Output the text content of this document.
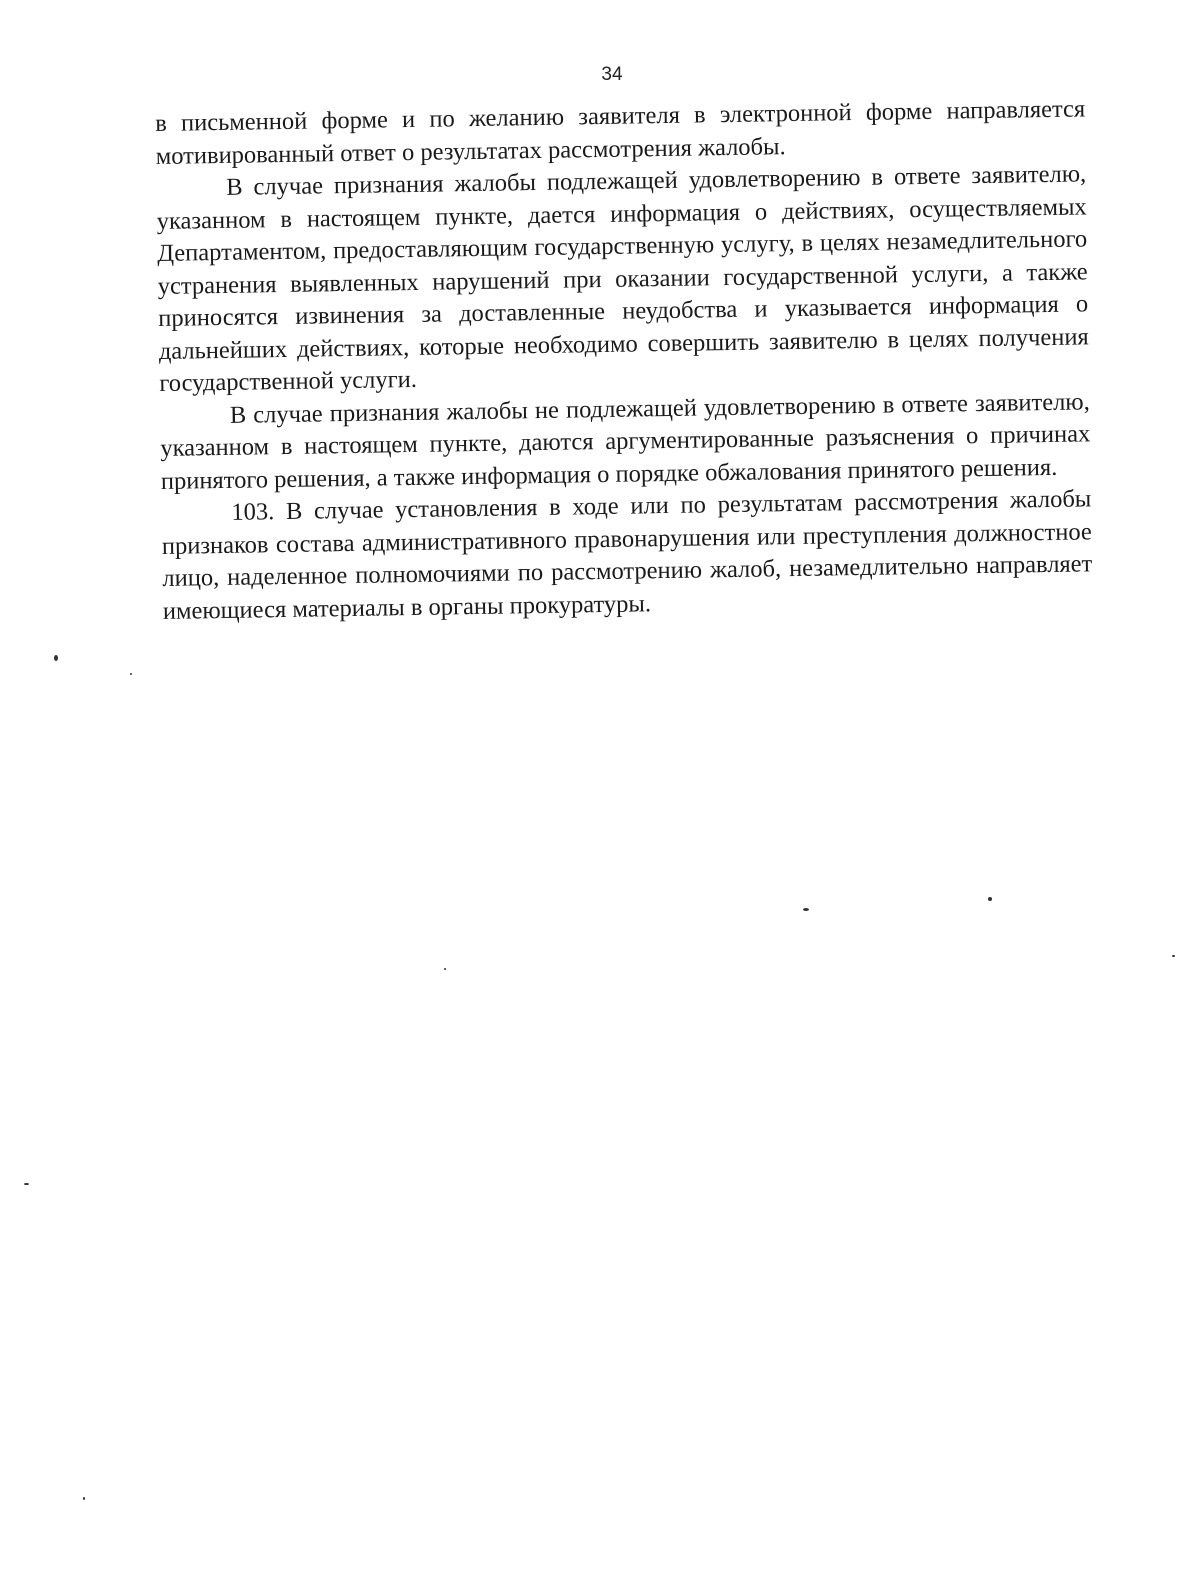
34

в письменной форме и по желанию заявителя в электронной форме направляется мотивированный ответ о результатах рассмотрения жалобы.

В случае признания жалобы подлежащей удовлетворению в ответе заявителю, указанном в настоящем пункте, дается информация о действиях, осуществляемых Департаментом, предоставляющим государственную услугу, в целях незамедлительного устранения выявленных нарушений при оказании государственной услуги, а также приносятся извинения за доставленные неудобства и указывается информация о дальнейших действиях, которые необходимо совершить заявителю в целях получения государственной услуги.

В случае признания жалобы не подлежащей удовлетворению в ответе заявителю, указанном в настоящем пункте, даются аргументированные разъяснения о причинах принятого решения, а также информация о порядке обжалования принятого решения.

103. В случае установления в ходе или по результатам рассмотрения жалобы признаков состава административного правонарушения или преступления должностное лицо, наделенное полномочиями по рассмотрению жалоб, незамедлительно направляет имеющиеся материалы в органы прокуратуры.
